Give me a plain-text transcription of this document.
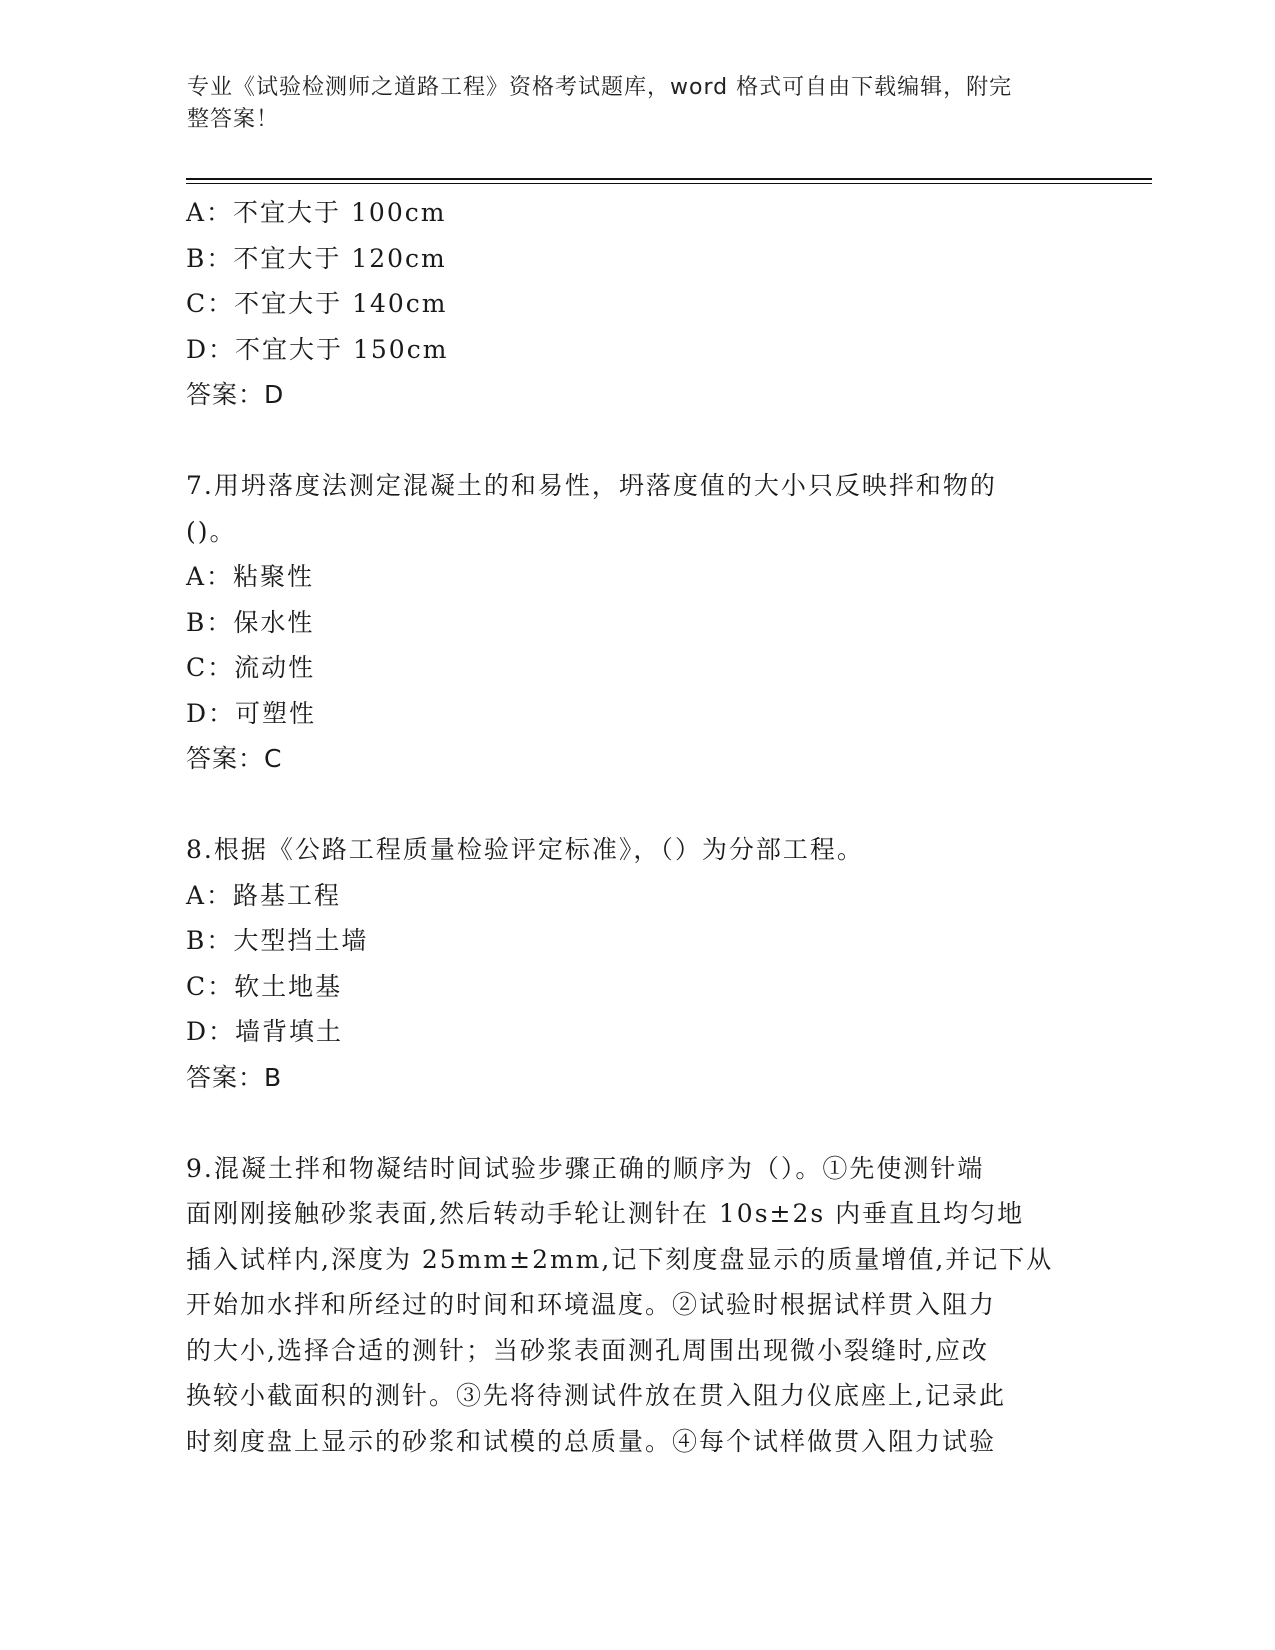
专业《试验检测师之道路工程》资格考试题库，word 格式可自由下载编辑，附完
整答案！
A：不宜大于 100cm
B：不宜大于 120cm
C：不宜大于 140cm
D：不宜大于 150cm
答案：D
7.用坍落度法测定混凝土的和易性，坍落度值的大小只反映拌和物的
()。
A：粘聚性
B：保水性
C：流动性
D：可塑性
答案：C
8.根据《公路工程质量检验评定标准》，（）为分部工程。
A：路基工程
B：大型挡土墙
C：软土地基
D：墙背填土
答案：B
9.混凝土拌和物凝结时间试验步骤正确的顺序为（）。①先使测针端
面刚刚接触砂浆表面,然后转动手轮让测针在 10s±2s 内垂直且均匀地
插入试样内,深度为 25mm±2mm,记下刻度盘显示的质量增值,并记下从
开始加水拌和所经过的时间和环境温度。②试验时根据试样贯入阻力
的大小,选择合适的测针；当砂浆表面测孔周围出现微小裂缝时,应改
换较小截面积的测针。③先将待测试件放在贯入阻力仪底座上,记录此
时刻度盘上显示的砂浆和试模的总质量。④每个试样做贯入阻力试验
